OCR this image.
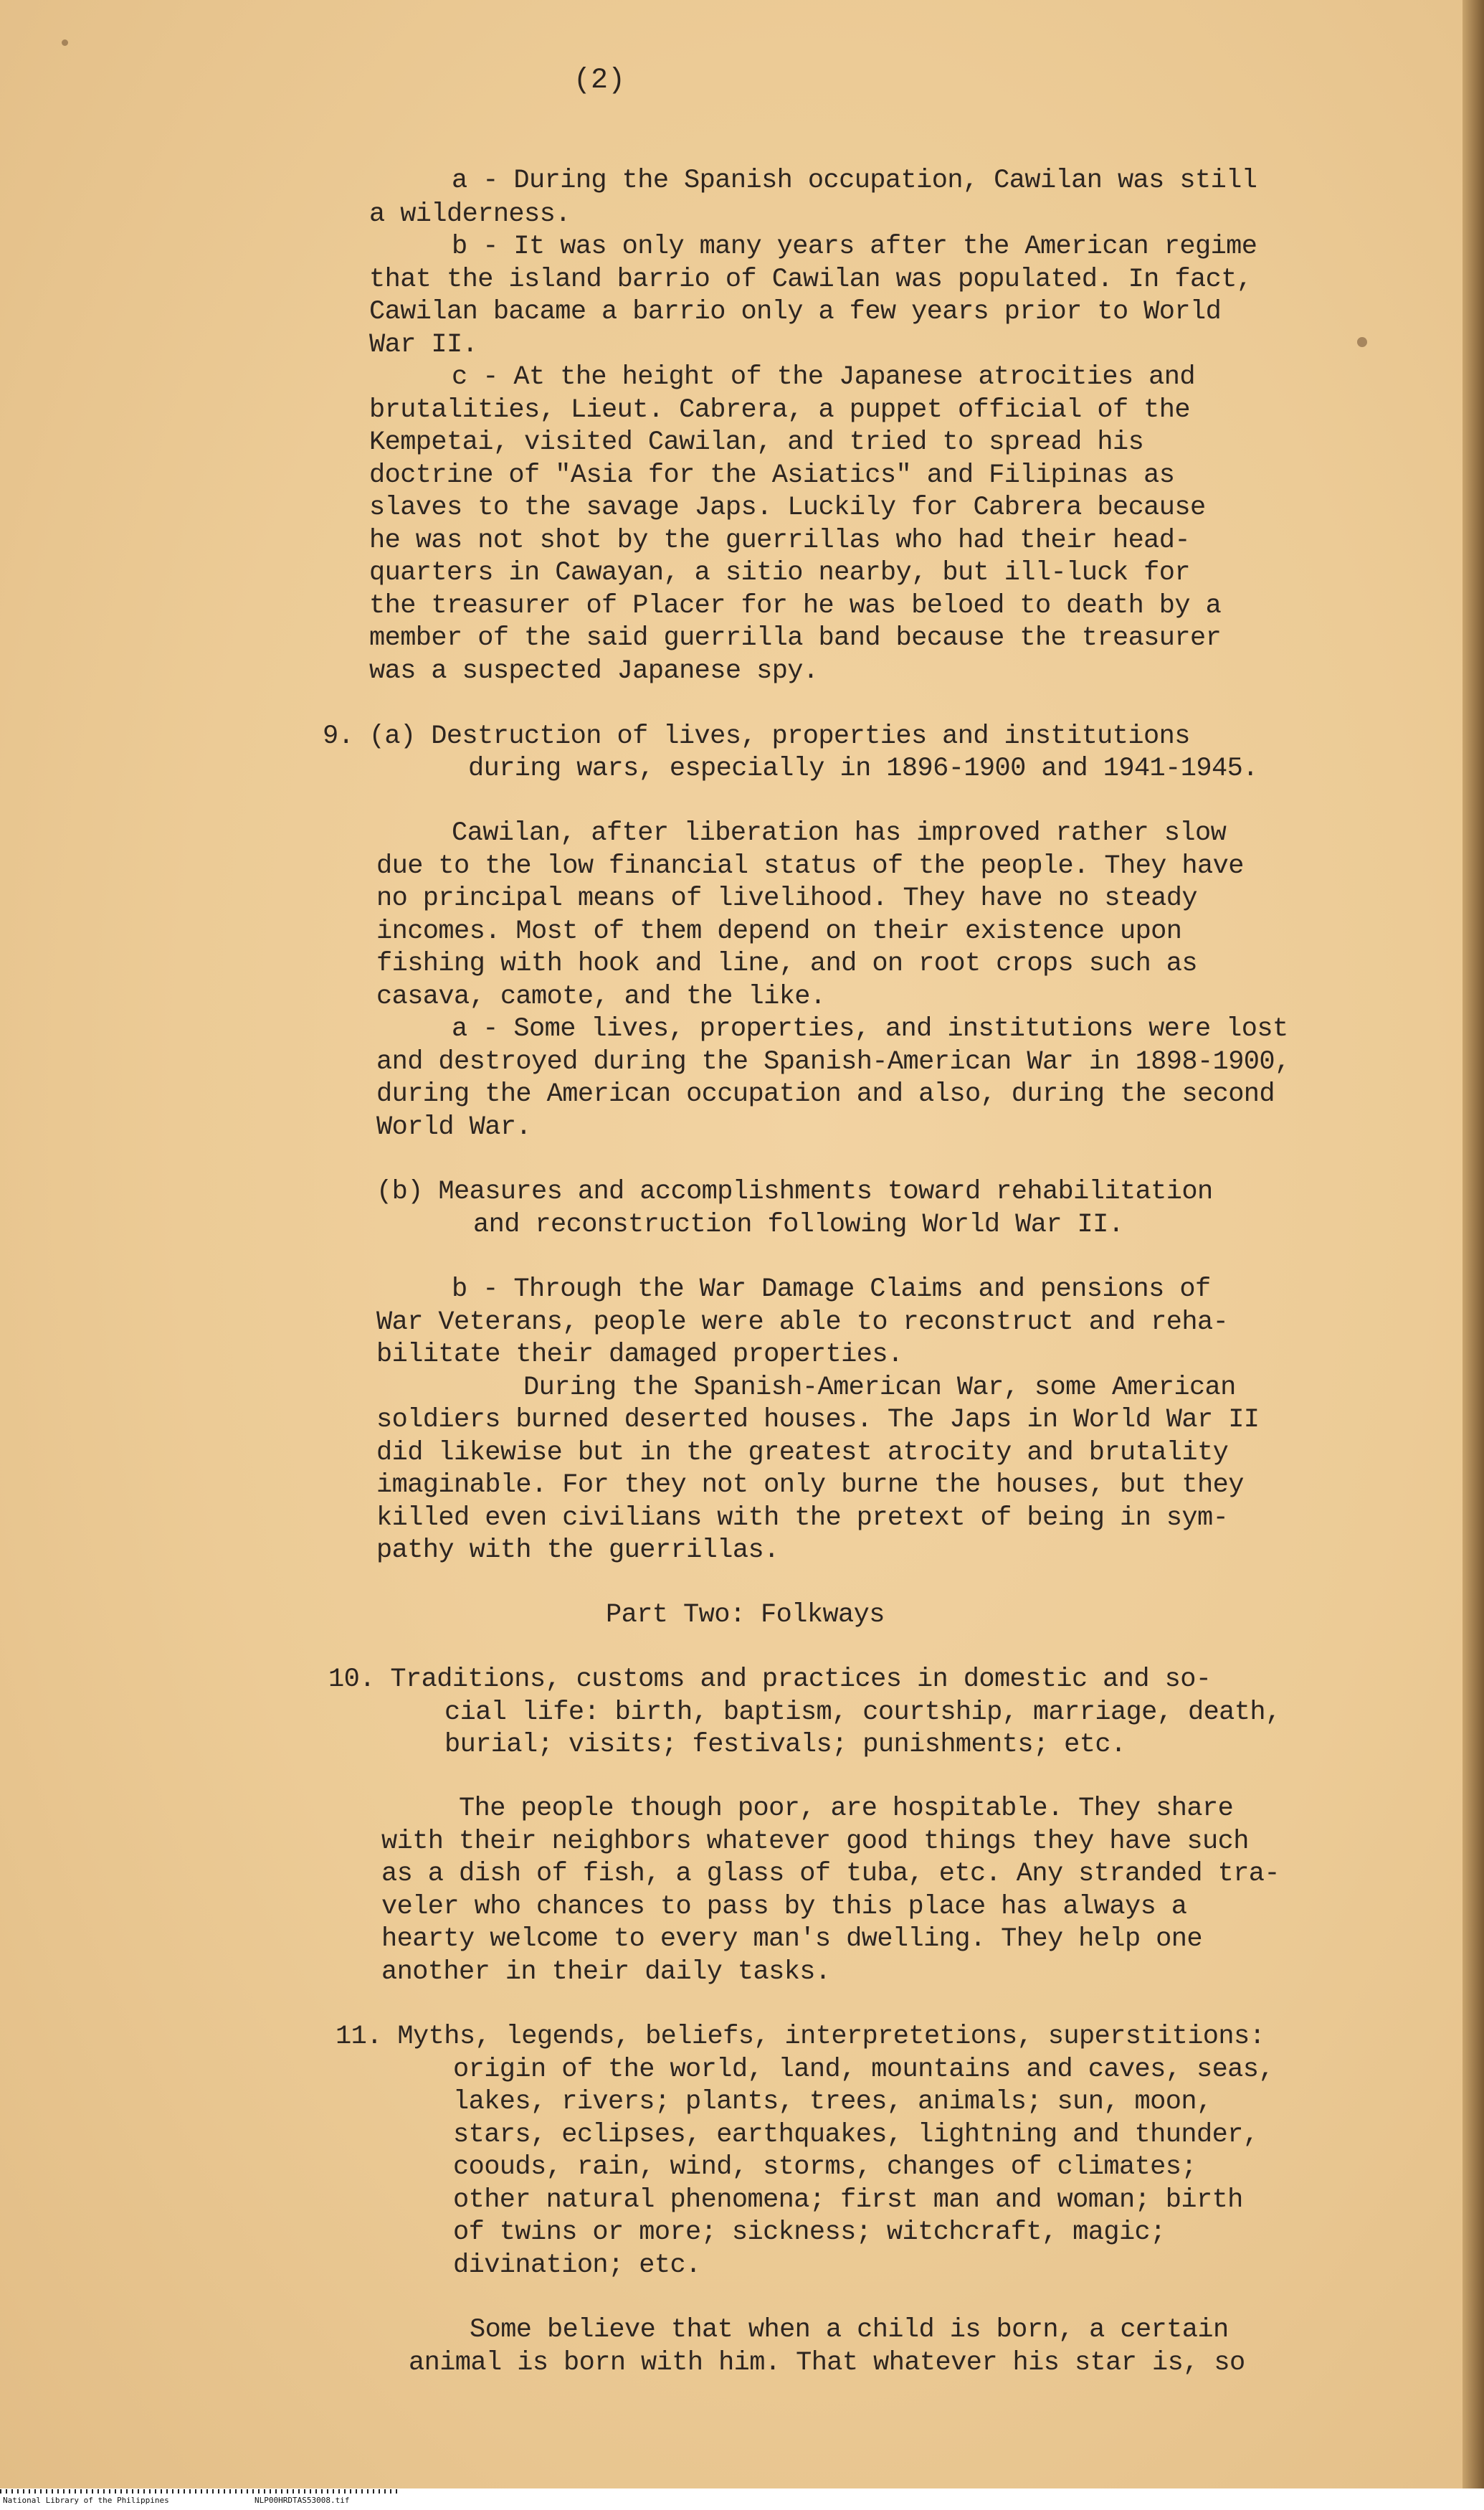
(2)

a - During the Spanish occupation, Cawilan was still

a wilderness.

b - It was only many years after the American regime

that the island barrio of Cawilan was populated. In fact,

Cawilan bacame a barrio only a few years prior to World

War II.

c - At the height of the Japanese atrocities and

brutalities, Lieut. Cabrera, a puppet official of the

Kempetai, visited Cawilan, and tried to spread his

doctrine of "Asia for the Asiatics" and Filipinas as

slaves to the savage Japs. Luckily for Cabrera because

he was not shot by the guerrillas who had their head-

quarters in Cawayan, a sitio nearby, but ill-luck for

the treasurer of Placer for he was beloed to death by a

member of the said guerrilla band because the treasurer

was a suspected Japanese spy.

9. (a) Destruction of lives, properties and institutions

during wars, especially in 1896-1900 and 1941-1945.

Cawilan, after liberation has improved rather slow

due to the low financial status of the people. They have

no principal means of livelihood. They have no steady

incomes. Most of them depend on their existence upon

fishing with hook and line, and on root crops such as

casava, camote, and the like.

a - Some lives, properties, and institutions were lost

and destroyed during the Spanish-American War in 1898-1900,

during the American occupation and also, during the second

World War.

(b) Measures and accomplishments toward rehabilitation

and reconstruction following World War II.

b - Through the War Damage Claims and pensions of

War Veterans, people were able to reconstruct and reha-

bilitate their damaged properties.

During the Spanish-American War, some American

soldiers burned deserted houses. The Japs in World War II

did likewise but in the greatest atrocity and brutality

imaginable. For they not only burne the houses, but they

killed even civilians with the pretext of being in sym-

pathy with the guerrillas.

Part Two: Folkways

10. Traditions, customs and practices in domestic and so-

cial life: birth, baptism, courtship, marriage, death,

burial; visits; festivals; punishments; etc.

The people though poor, are hospitable. They share

with their neighbors whatever good things they have such

as a dish of fish, a glass of tuba, etc. Any stranded tra-

veler who chances to pass by this place has always a

hearty welcome to every man's dwelling. They help one

another in their daily tasks.

11. Myths, legends, beliefs, interpretetions, superstitions:

origin of the world, land, mountains and caves, seas,

lakes, rivers; plants, trees, animals; sun, moon,

stars, eclipses, earthquakes, lightning and thunder,

coouds, rain, wind, storms, changes of climates;

other natural phenomena; first man and woman; birth

of twins or more; sickness; witchcraft, magic;

divination; etc.

Some believe that when a child is born, a certain

animal is born with him. That whatever his star is, so

National Library of the Philippines	NLP00HRDTAS53008.tif
